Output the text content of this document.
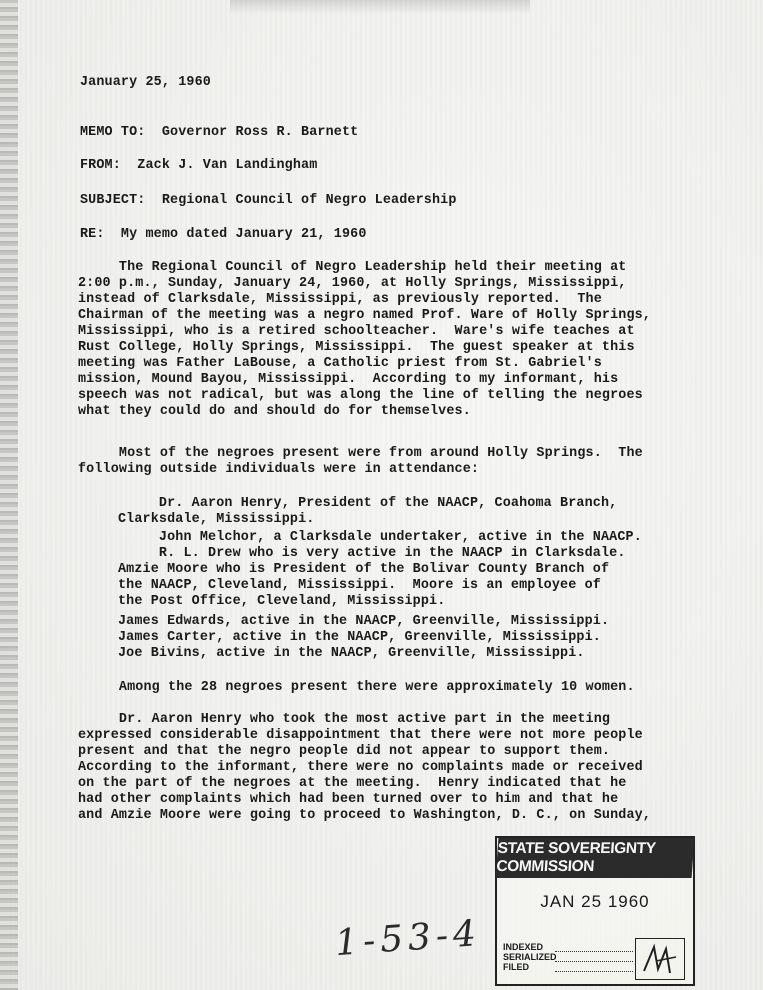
January 25, 1960
MEMO TO:  Governor Ross R. Barnett
FROM:  Zack J. Van Landingham
SUBJECT:  Regional Council of Negro Leadership
RE:  My memo dated January 21, 1960
The Regional Council of Negro Leadership held their meeting at
2:00 p.m., Sunday, January 24, 1960, at Holly Springs, Mississippi,
instead of Clarksdale, Mississippi, as previously reported.  The
Chairman of the meeting was a negro named Prof. Ware of Holly Springs,
Mississippi, who is a retired schoolteacher.  Ware's wife teaches at
Rust College, Holly Springs, Mississippi.  The guest speaker at this
meeting was Father LaBouse, a Catholic priest from St. Gabriel's
mission, Mound Bayou, Mississippi.  According to my informant, his
speech was not radical, but was along the line of telling the negroes
what they could do and should do for themselves.
Most of the negroes present were from around Holly Springs.  The
following outside individuals were in attendance:
Dr. Aaron Henry, President of the NAACP, Coahoma Branch,
Clarksdale, Mississippi.
John Melchor, a Clarksdale undertaker, active in the NAACP.
R. L. Drew who is very active in the NAACP in Clarksdale.
Amzie Moore who is President of the Bolivar County Branch of
the NAACP, Cleveland, Mississippi.  Moore is an employee of
the Post Office, Cleveland, Mississippi.
James Edwards, active in the NAACP, Greenville, Mississippi.
James Carter, active in the NAACP, Greenville, Mississippi.
Joe Bivins, active in the NAACP, Greenville, Mississippi.
Among the 28 negroes present there were approximately 10 women.
Dr. Aaron Henry who took the most active part in the meeting
expressed considerable disappointment that there were not more people
present and that the negro people did not appear to support them.
According to the informant, there were no complaints made or received
on the part of the negroes at the meeting.  Henry indicated that he
had other complaints which had been turned over to him and that he
and Amzie Moore were going to proceed to Washington, D. C., on Sunday,
STATE SOVEREIGNTY COMMISSION
JAN 25 1960
INDEXED
SERIALIZED
FILED
1-53-4
